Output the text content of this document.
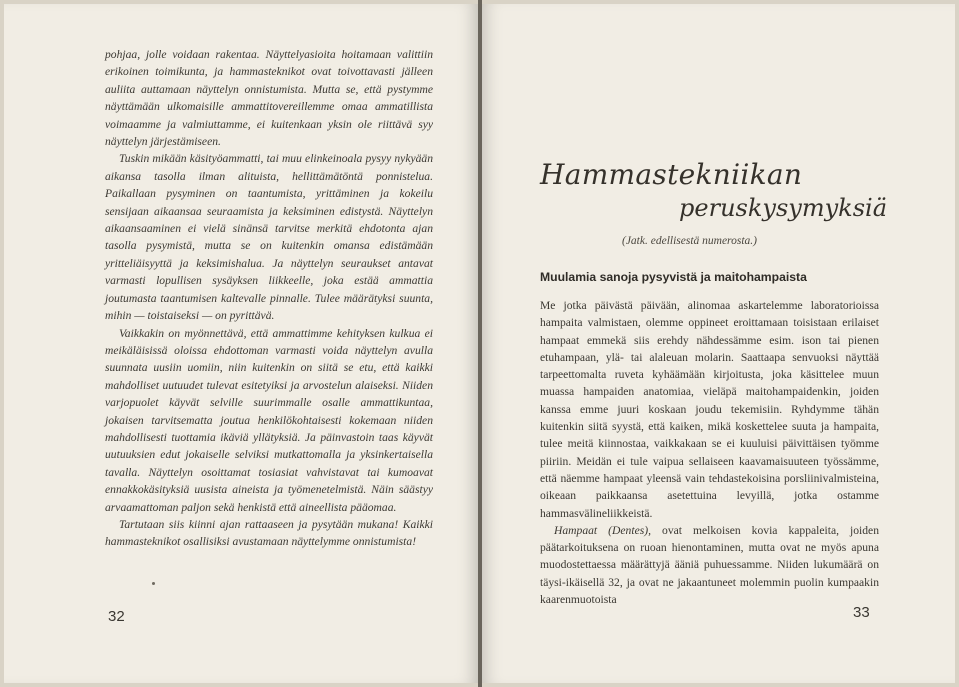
pohjaa, jolle voidaan rakentaa. Näyttelyasioita hoitamaan valittiin erikoinen toimikunta, ja hammasteknikot ovat toivottavasti jälleen auliita auttamaan näyttelyn onnistumista. Mutta se, että pystymme näyttämään ulkomaisille ammattitovereillemme omaa ammatillista voimaamme ja valmiuttamme, ei kuitenkaan yksin ole riittävä syy näyttelyn järjestämiseen.

Tuskin mikään käsityöammatti, tai muu elinkeinoala pysyy nykyään aikansa tasolla ilman alituista, hellittämätöntä ponnistelua. Paikallaan pysyminen on taantumista, yrittäminen ja kokeilu sensijaan aikaansaa seuraamista ja keksiminen edistystä. Näyttelyn aikaansaaminen ei vielä sinänsä tarvitse merkitä ehdotonta ajan tasolla pysymistä, mutta se on kuitenkin omansa edistämään yritteliäisyyttä ja keksimishalua. Ja näyttelyn seuraukset antavat varmasti lopullisen sysäyksen liikkeelle, joka estää ammattia joutumasta taantumisen kaltevalle pinnalle. Tulee määrätyksi suunta, mihin — toistaiseksi — on pyrittävä.

Vaikkakin on myönnettävä, että ammattimme kehityksen kulkua ei meikäläisissä oloissa ehdottoman varmasti voida näyttelyn avulla suunnata uusiin uomiin, niin kuitenkin on siitä se etu, että kaikki mahdolliset uutuudet tulevat esitetyiksi ja arvostelun alaiseksi. Niiden varjopuolet käyvät selville suurimmalle osalle ammattikuntaa, jokaisen tarvitsematta joutua henkilökohtaisesti kokemaan niiden mahdollisesti tuottamia ikäviä yllätyksiä. Ja päinvastoin taas käyvät uutuuksien edut jokaiselle selviksi mutkattomalla ja yksinkertaisella tavalla. Näyttelyn osoittamat tosiasiat vahvistavat tai kumoavat ennakkokäsityksiä uusista aineista ja työmenetelmistä. Näin säästyy arvaamattoman paljon sekä henkistä että aineellista pääomaa.

Tartutaan siis kiinni ajan rattaaseen ja pysytään mukana! Kaikki hammasteknikot osallisiksi avustamaan näyttelymme onnistumista!

32
Hammastekniikan
peruskysymyksiä
(Jatk. edellisestä numerosta.)
Muulamia sanoja pysyvistä ja maitohampaista

Me jotka päivästä päivään, alinomaa askartelemme laboratorioissa hampaita valmistaen, olemme oppineet eroittamaan toisistaan erilaiset hampaat emmekä siis erehdy nähdessämme esim. ison tai pienen etuhampaan, ylä- tai alaleuan molarin. Saattaapa senvuoksi näyttää tarpeettomalta ruveta kyhäämään kirjoitusta, joka käsittelee muun muassa hampaiden anatomiaa, vieläpä maitohampaidenkin, joiden kanssa emme juuri koskaan joudu tekemisiin. Ryhdymme tähän kuitenkin siitä syystä, että kaiken, mikä koskettelee suuta ja hampaita, tulee meitä kiinnostaa, vaikkakaan se ei kuuluisi päivittäisen työmme piiriin. Meidän ei tule vaipua sellaiseen kaavamaisuuteen työssämme, että näemme hampaat yleensä vain tehdastekoisina porsliinivalmisteina, oikeaan paikkaansa asetettuina levyillä, jotka ostamme hammasvälineliikkeistä.

Hampaat (Dentes), ovat melkoisen kovia kappaleita, joiden päätarkoituksena on ruoan hienontaminen, mutta ovat ne myös apuna muodostettaessa määrättyjä ääniä puhuessamme. Niiden lukumäärä on täysi-ikäisellä 32, ja ovat ne jakaantuneet molemmin puolin kumpaakin kaarenmuotoista

33
